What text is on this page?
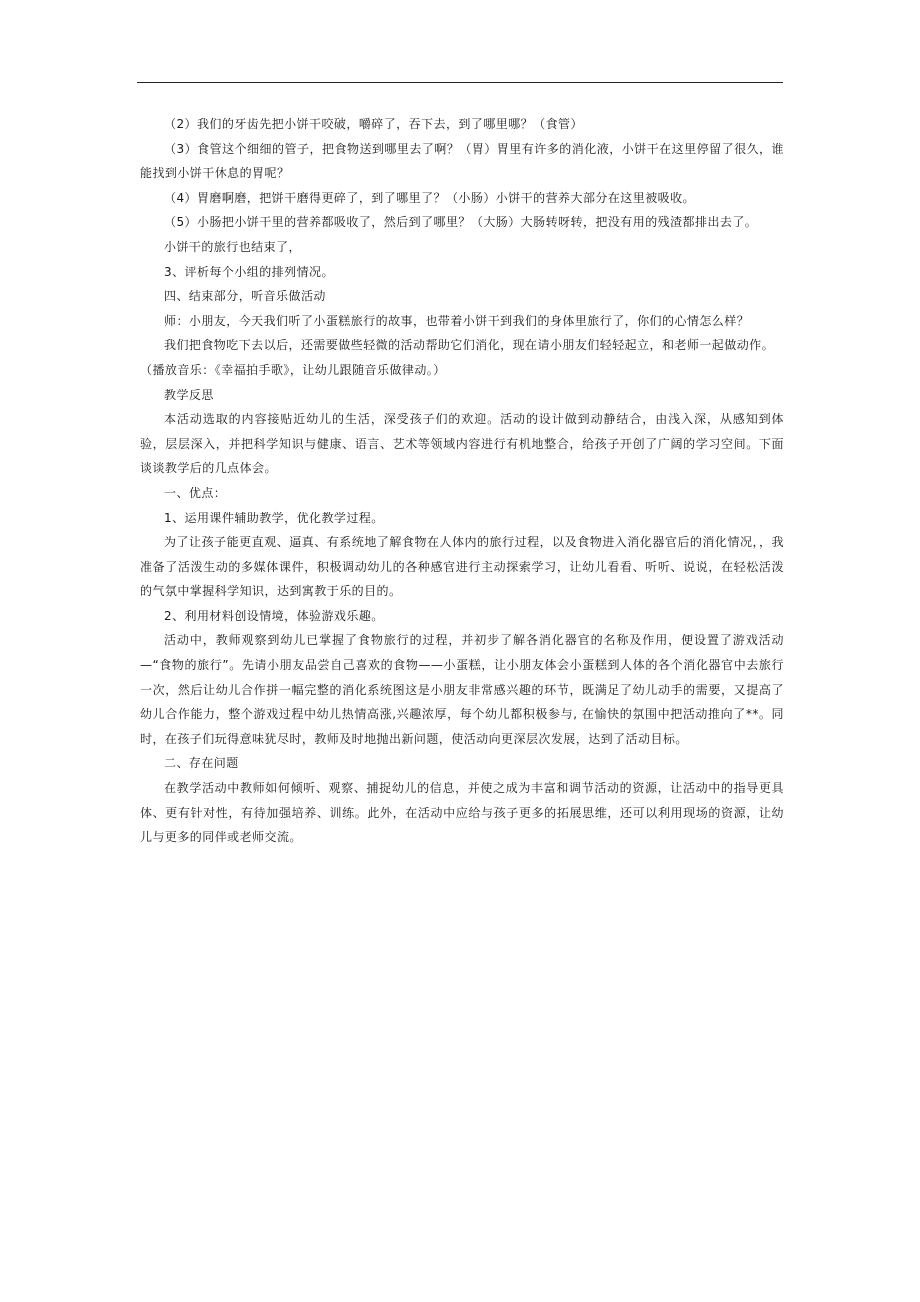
（2）我们的牙齿先把小饼干咬破，嚼碎了，吞下去，到了哪里哪？（食管）

（3）食管这个细细的管子，把食物送到哪里去了啊？（胃）胃里有许多的消化液，小饼干在这里停留了很久，谁能找到小饼干休息的胃呢？

（4）胃磨啊磨，把饼干磨得更碎了，到了哪里了？（小肠）小饼干的营养大部分在这里被吸收。

（5）小肠把小饼干里的营养都吸收了，然后到了哪里？（大肠）大肠转呀转，把没有用的残渣都排出去了。

小饼干的旅行也结束了，

3、评析每个小组的排列情况。

四、结束部分，听音乐做活动

师：小朋友，今天我们听了小蛋糕旅行的故事，也带着小饼干到我们的身体里旅行了，你们的心情怎么样？

我们把食物吃下去以后，还需要做些轻微的活动帮助它们消化，现在请小朋友们轻轻起立，和老师一起做动作。

（播放音乐：《幸福拍手歌》，让幼儿跟随音乐做律动。）

教学反思

本活动选取的内容接贴近幼儿的生活，深受孩子们的欢迎。活动的设计做到动静结合，由浅入深，从感知到体验，层层深入，并把科学知识与健康、语言、艺术等领域内容进行有机地整合，给孩子开创了广阔的学习空间。下面谈谈教学后的几点体会。

一、优点：

1、运用课件辅助教学，优化教学过程。

为了让孩子能更直观、逼真、有系统地了解食物在人体内的旅行过程，以及食物进入消化器官后的消化情况，，我准备了活泼生动的多媒体课件，积极调动幼儿的各种感官进行主动探索学习，让幼儿看看、听听、说说，在轻松活泼的气氛中掌握科学知识，达到寓教于乐的目的。

2、利用材料创设情境，体验游戏乐趣。

活动中，教师观察到幼儿已掌握了食物旅行的过程，并初步了解各消化器官的名称及作用，便设置了游戏活动—“食物的旅行”。先请小朋友品尝自己喜欢的食物——小蛋糕，让小朋友体会小蛋糕到人体的各个消化器官中去旅行一次，然后让幼儿合作拼一幅完整的消化系统图这是小朋友非常感兴趣的环节，既满足了幼儿动手的需要，又提高了幼儿合作能力，整个游戏过程中幼儿热情高涨,兴趣浓厚，每个幼儿都积极参与, 在愉快的氛围中把活动推向了**。同时，在孩子们玩得意味犹尽时，教师及时地抛出新问题，使活动向更深层次发展，达到了活动目标。

二、存在问题

在教学活动中教师如何倾听、观察、捕捉幼儿的信息，并使之成为丰富和调节活动的资源，让活动中的指导更具体、更有针对性，有待加强培养、训练。此外，在活动中应给与孩子更多的拓展思维，还可以利用现场的资源，让幼儿与更多的同伴或老师交流。
